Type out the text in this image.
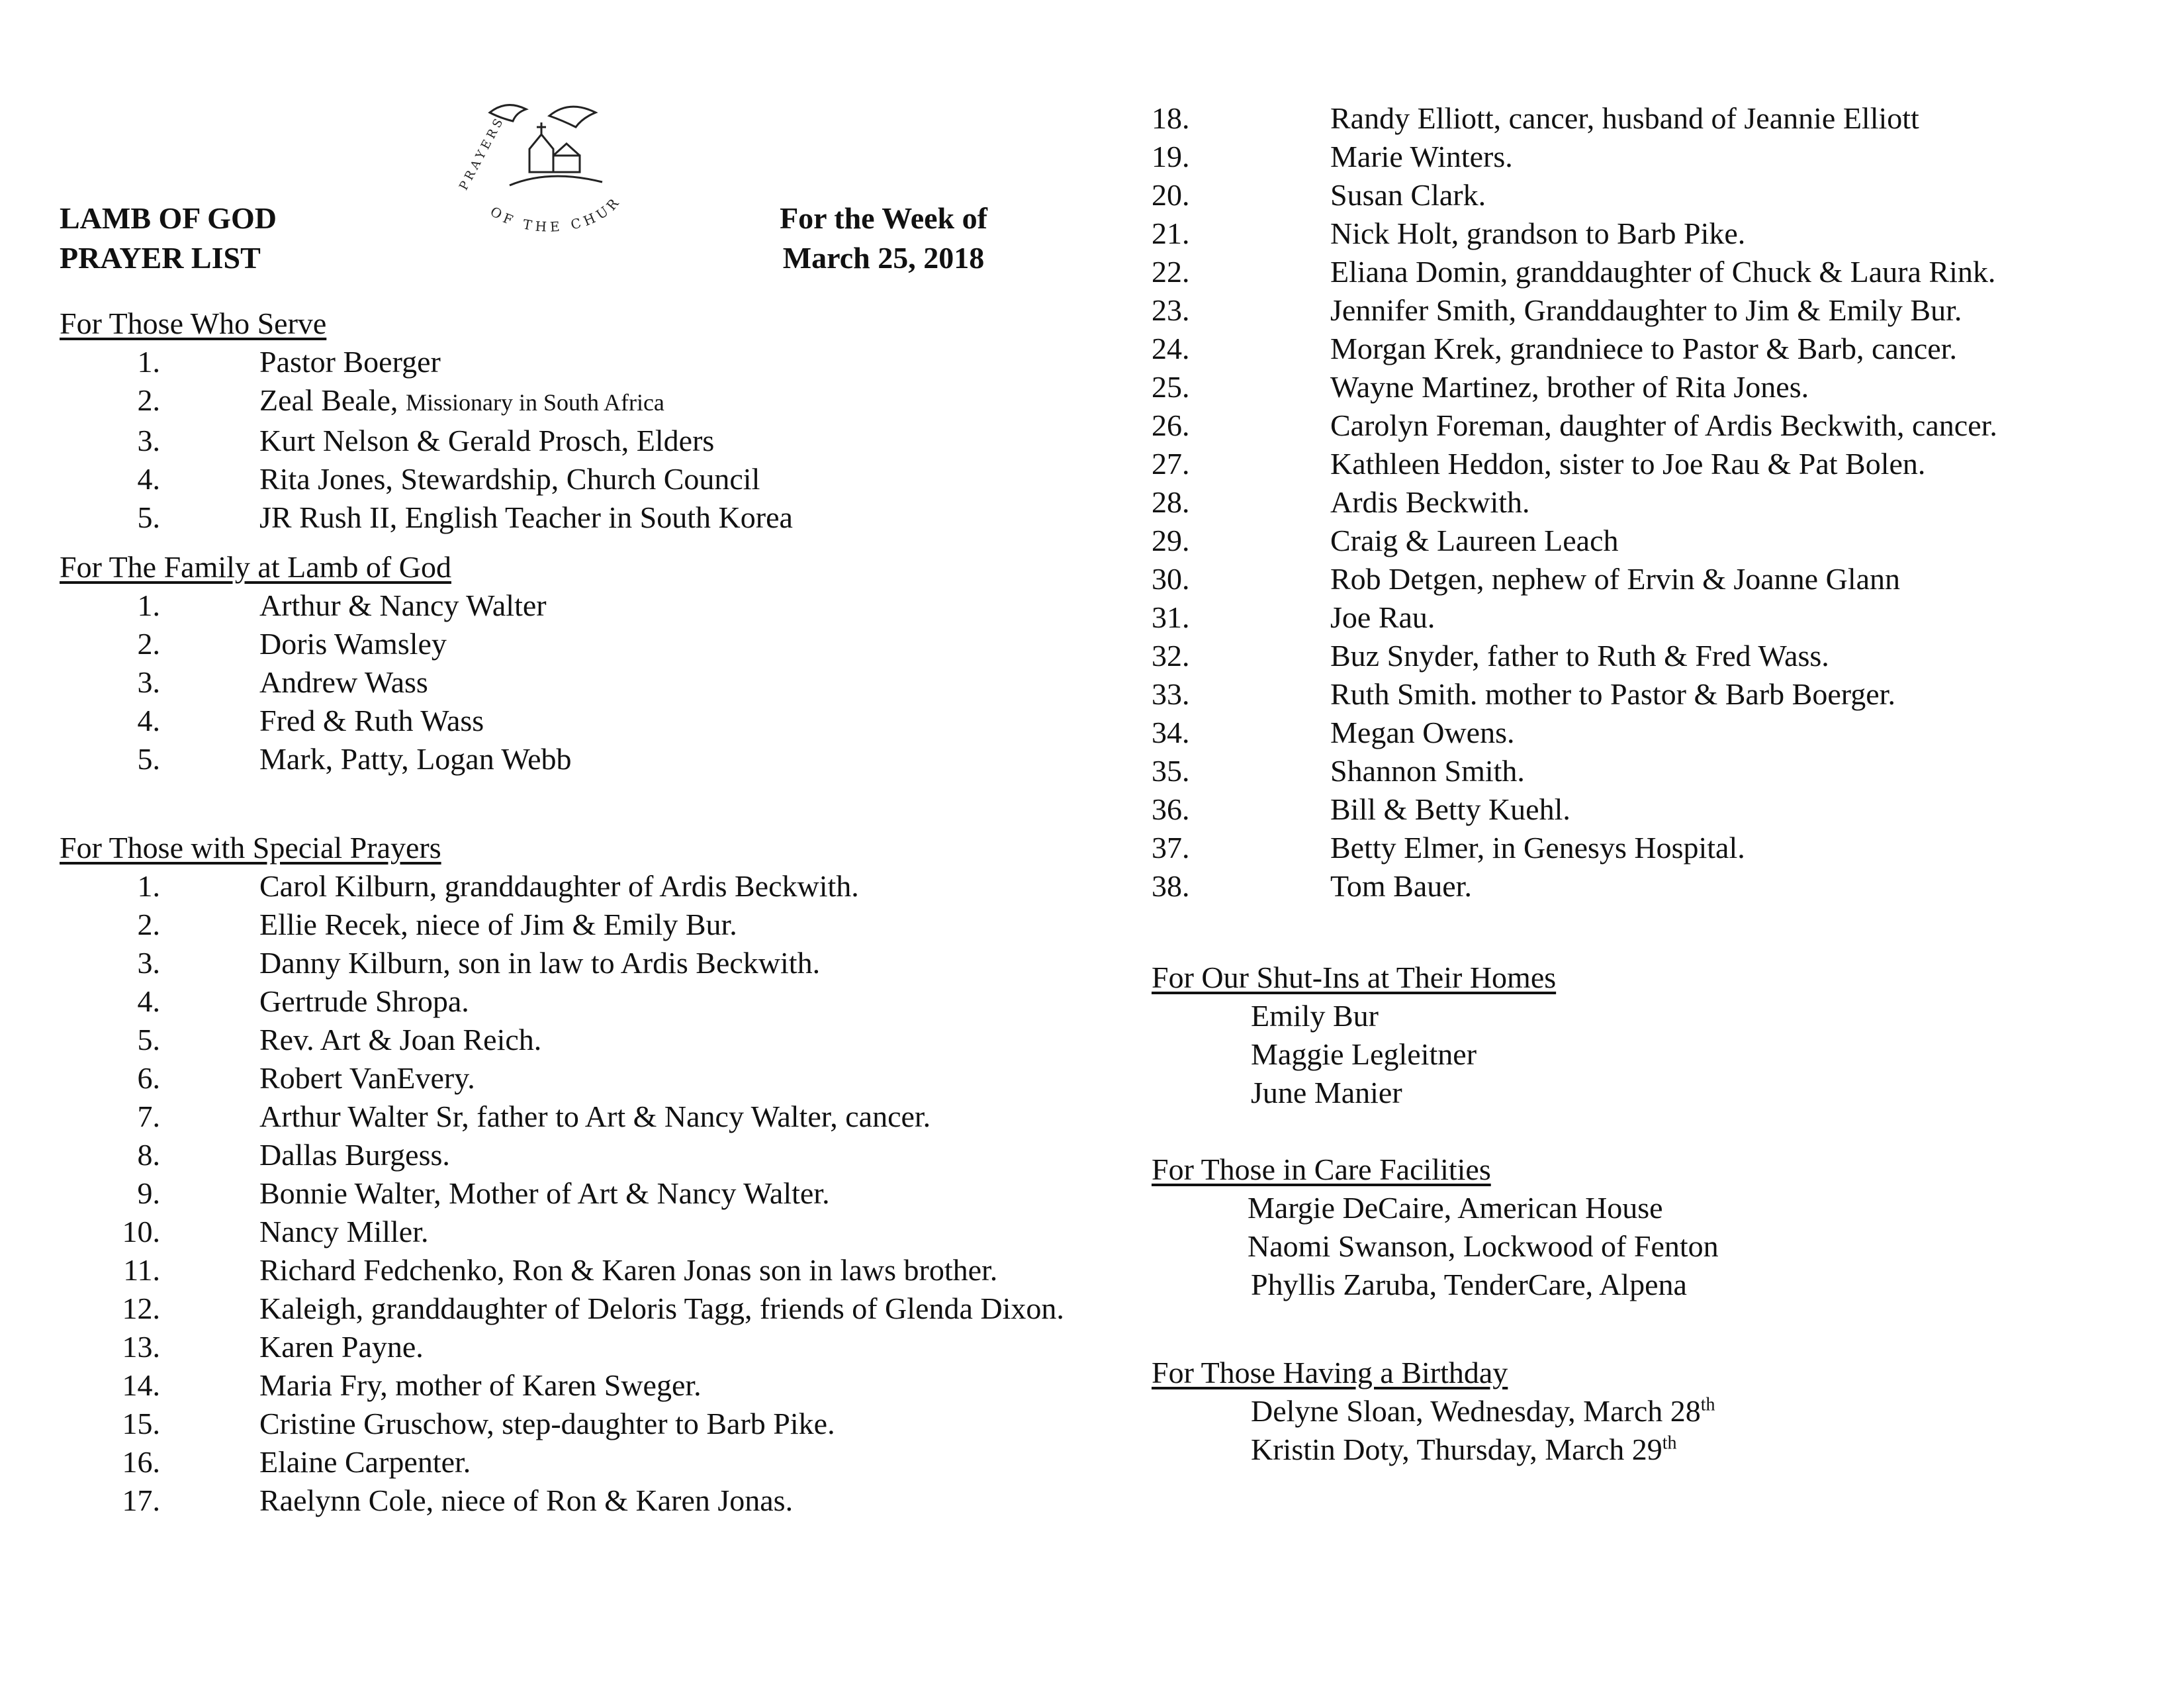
LAMB OF GOD
PRAYER LIST
OF THE CHUR
PRAYERS
For the Week of
March 25, 2018
For Those Who Serve
1.	Pastor Boerger
2.	Zeal Beale, Missionary in South Africa
3.	Kurt Nelson & Gerald Prosch, Elders
4.	Rita Jones, Stewardship, Church Council
5.	JR Rush II, English Teacher in South Korea
For The Family at Lamb of God
1.	Arthur & Nancy Walter
2.	Doris Wamsley
3.	Andrew Wass
4.	Fred & Ruth Wass
5.	Mark, Patty, Logan Webb
For Those with Special Prayers
1.	Carol Kilburn, granddaughter of Ardis Beckwith.
2.	Ellie Recek, niece of Jim & Emily Bur.
3.	Danny Kilburn, son in law to Ardis Beckwith.
4.	Gertrude Shropa.
5.	Rev. Art & Joan Reich.
6.	Robert VanEvery.
7.	Arthur Walter Sr, father to Art & Nancy Walter, cancer.
8.	Dallas Burgess.
9.	Bonnie Walter, Mother of Art & Nancy Walter.
10.	Nancy Miller.
11.	Richard Fedchenko, Ron & Karen Jonas son in laws brother.
12.	Kaleigh, granddaughter of Deloris Tagg, friends of Glenda Dixon.
13.	Karen Payne.
14.	Maria Fry, mother of Karen Sweger.
15.	Cristine Gruschow, step-daughter to Barb Pike.
16.	Elaine Carpenter.
17.	Raelynn Cole, niece of Ron & Karen Jonas.
18.	Randy Elliott, cancer, husband of Jeannie Elliott
19.	Marie Winters.
20.	Susan Clark.
21.	Nick Holt, grandson to Barb Pike.
22.	Eliana Domin, granddaughter of Chuck & Laura Rink.
23.	Jennifer Smith, Granddaughter to Jim & Emily Bur.
24.	Morgan Krek, grandniece to Pastor & Barb, cancer.
25.	Wayne Martinez, brother of Rita Jones.
26.	Carolyn Foreman, daughter of Ardis Beckwith, cancer.
27.	Kathleen Heddon, sister to Joe Rau & Pat Bolen.
28.	Ardis Beckwith.
29.	Craig & Laureen Leach
30.	Rob Detgen, nephew of Ervin & Joanne Glann
31.	Joe Rau.
32.	Buz Snyder, father to Ruth & Fred Wass.
33.	Ruth Smith. mother to Pastor & Barb Boerger.
34.	Megan Owens.
35.	Shannon Smith.
36.	Bill & Betty Kuehl.
37.	Betty Elmer, in Genesys Hospital.
38.	Tom Bauer.
For Our Shut-Ins at Their Homes
Emily Bur
Maggie Legleitner
June Manier
For Those in Care Facilities
Margie DeCaire, American House
Naomi Swanson, Lockwood of Fenton
Phyllis Zaruba, TenderCare, Alpena
For Those Having a Birthday
Delyne Sloan, Wednesday, March 28th
Kristin Doty, Thursday, March 29th
